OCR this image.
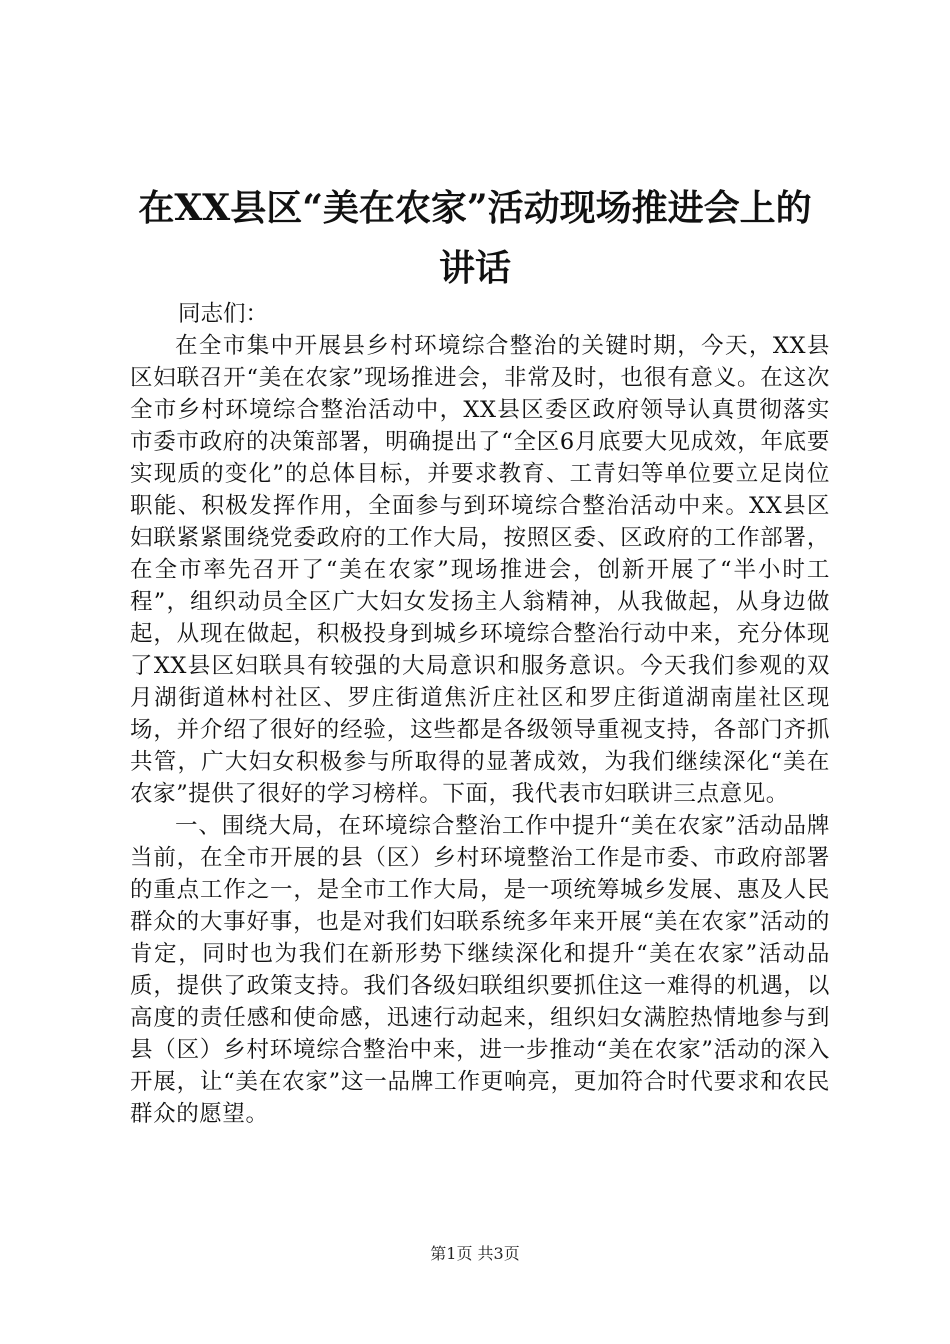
在XX县区“美在农家”活动现场推进会上的
讲话
同志们：

在全市集中开展县乡村环境综合整治的关键时期，今天，XX县区妇联召开“美在农家”现场推进会，非常及时，也很有意义。在这次全市乡村环境综合整治活动中，XX县区委区政府领导认真贯彻落实市委市政府的决策部署，明确提出了“全区6月底要大见成效，年底要实现质的变化”的总体目标，并要求教育、工青妇等单位要立足岗位职能、积极发挥作用，全面参与到环境综合整治活动中来。XX县区妇联紧紧围绕党委政府的工作大局，按照区委、区政府的工作部署，在全市率先召开了“美在农家”现场推进会，创新开展了“半小时工程”，组织动员全区广大妇女发扬主人翁精神，从我做起，从身边做起，从现在做起，积极投身到城乡环境综合整治行动中来，充分体现了XX县区妇联具有较强的大局意识和服务意识。今天我们参观的双月湖街道林村社区、罗庄街道焦沂庄社区和罗庄街道湖南崖社区现场，并介绍了很好的经验，这些都是各级领导重视支持，各部门齐抓共管，广大妇女积极参与所取得的显著成效，为我们继续深化“美在农家”提供了很好的学习榜样。下面，我代表市妇联讲三点意见。

一、围绕大局，在环境综合整治工作中提升“美在农家”活动品牌当前，在全市开展的县（区）乡村环境整治工作是市委、市政府部署的重点工作之一，是全市工作大局，是一项统筹城乡发展、惠及人民群众的大事好事，也是对我们妇联系统多年来开展“美在农家”活动的肯定，同时也为我们在新形势下继续深化和提升“美在农家”活动品质，提供了政策支持。我们各级妇联组织要抓住这一难得的机遇，以高度的责任感和使命感，迅速行动起来，组织妇女满腔热情地参与到县（区）乡村环境综合整治中来，进一步推动“美在农家”活动的深入开展，让“美在农家”这一品牌工作更响亮，更加符合时代要求和农民群众的愿望。

第1页 共3页
